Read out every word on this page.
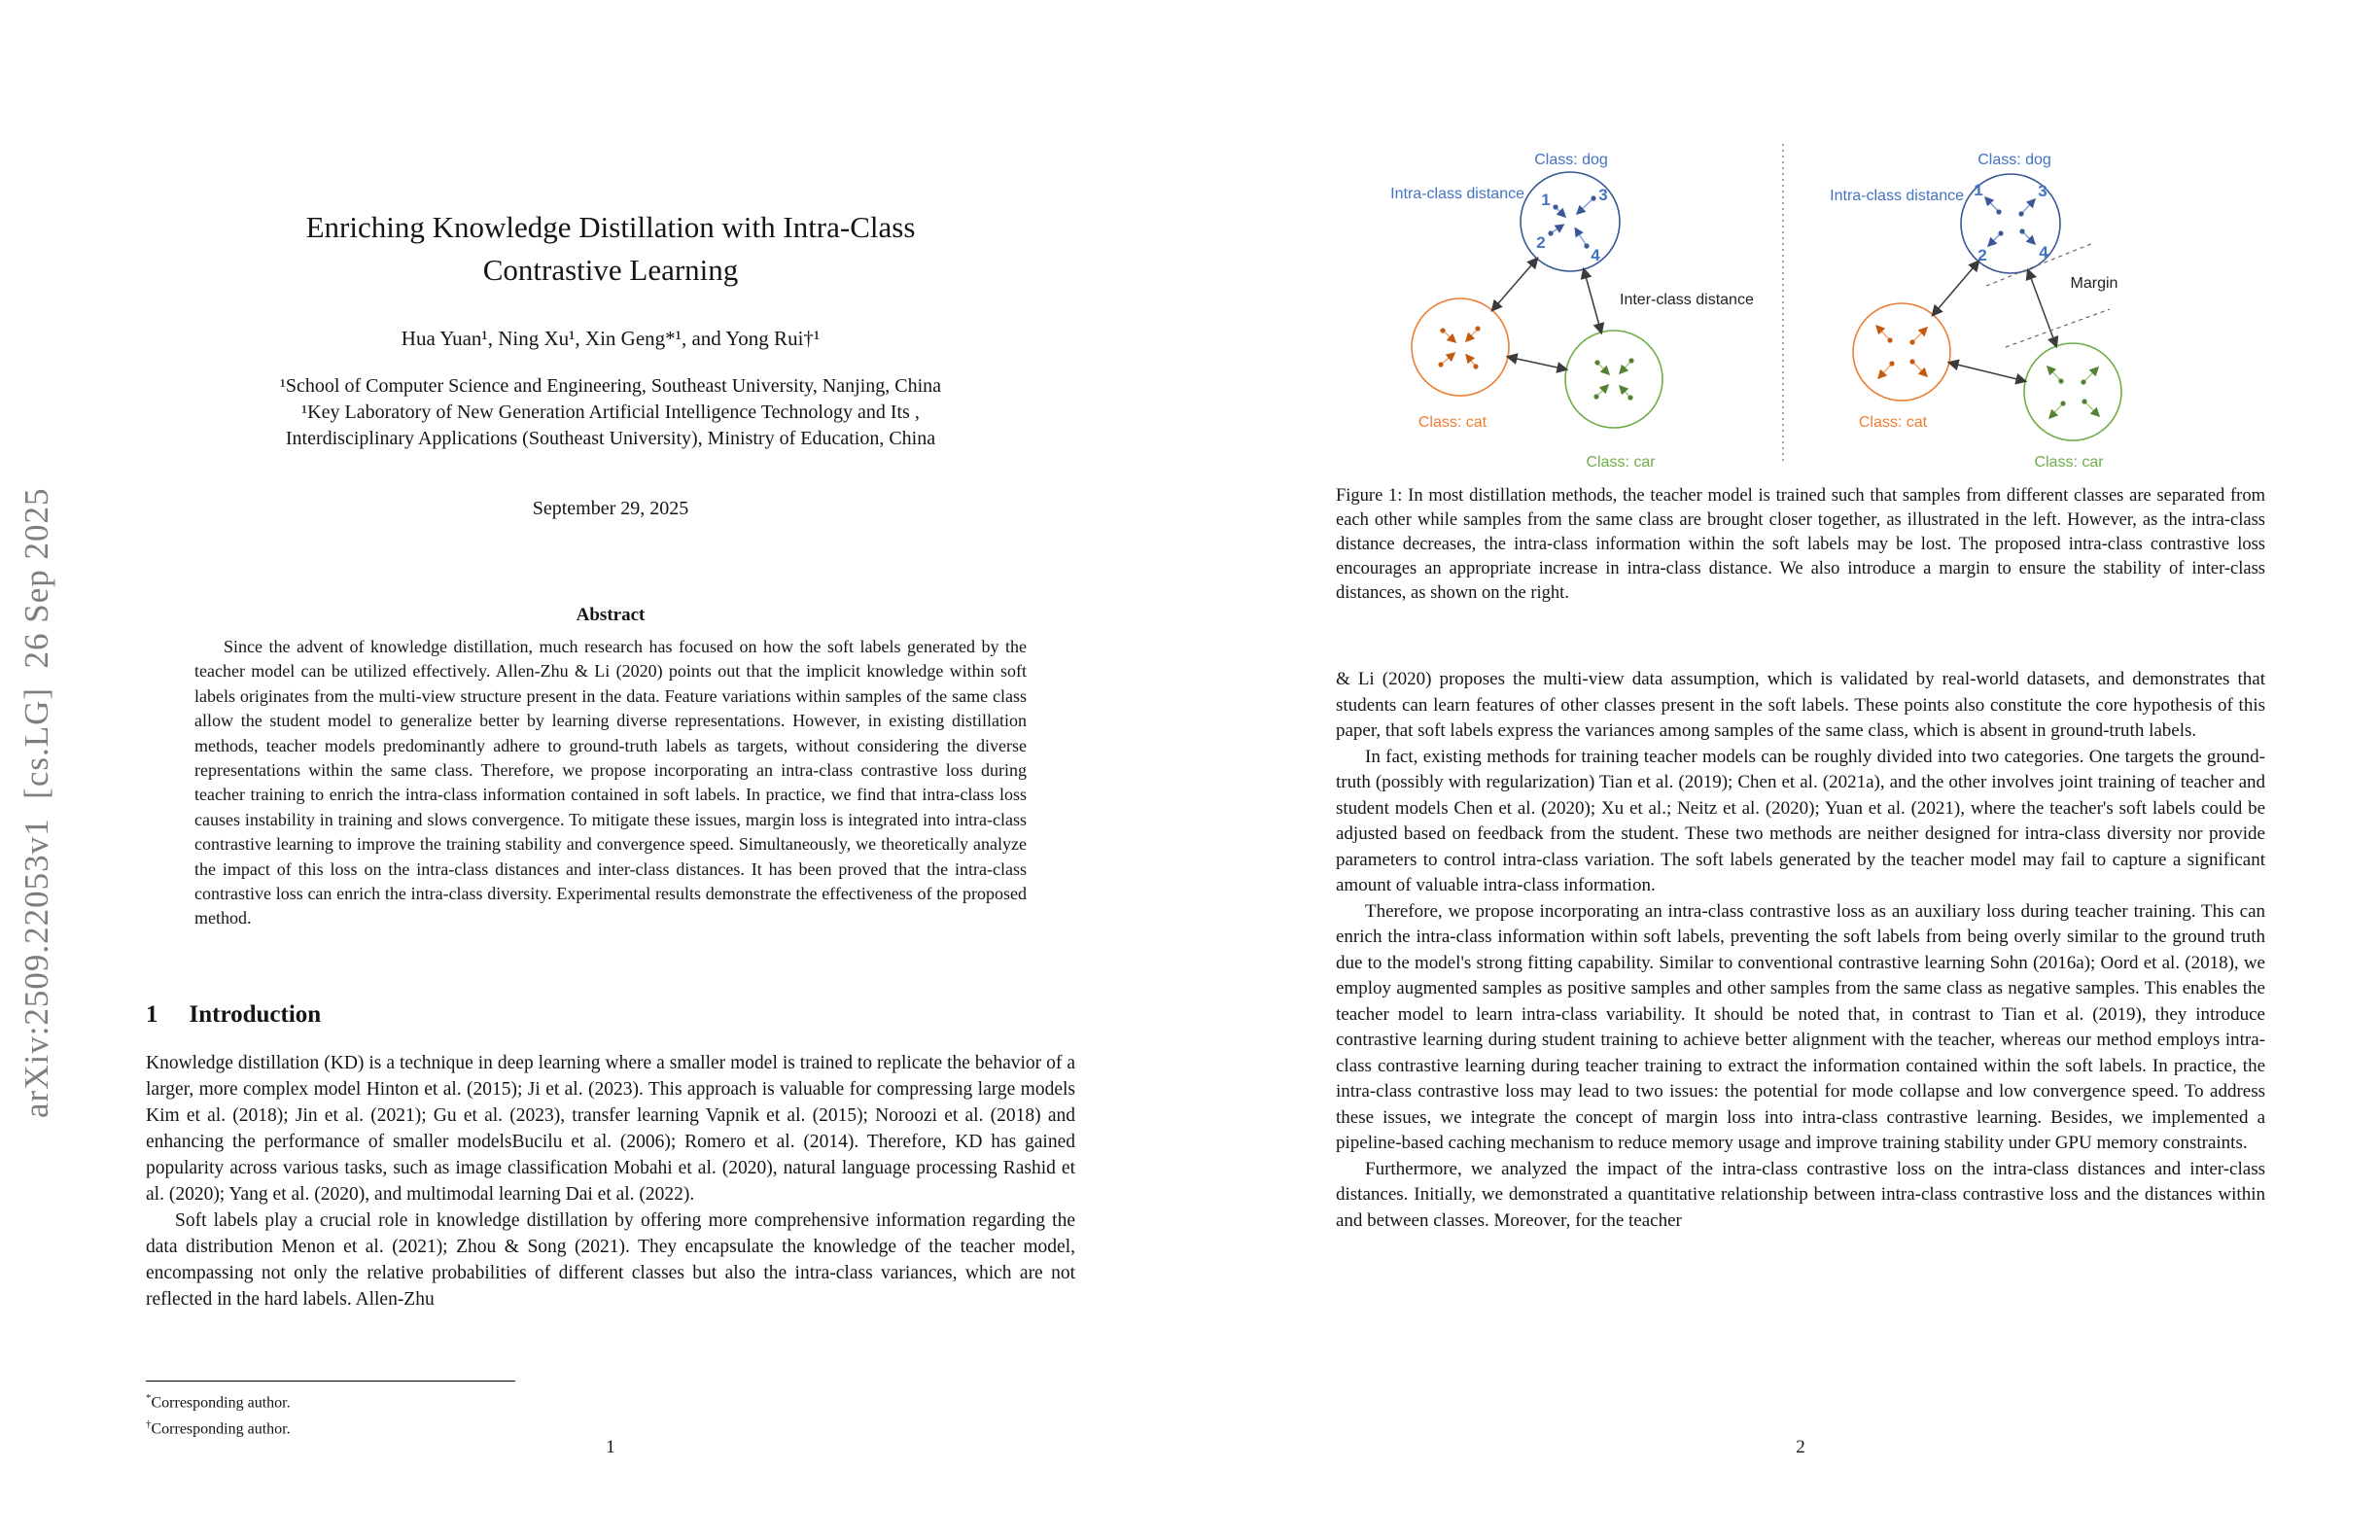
arXiv:2509.22053v1  [cs.LG]  26 Sep 2025
Enriching Knowledge Distillation with Intra-Class
Contrastive Learning
Hua Yuan¹, Ning Xu¹, Xin Geng*¹, and Yong Rui†¹
¹School of Computer Science and Engineering, Southeast University, Nanjing, China
¹Key Laboratory of New Generation Artificial Intelligence Technology and Its ,
Interdisciplinary Applications (Southeast University), Ministry of Education, China
September 29, 2025
Abstract

Since the advent of knowledge distillation, much research has focused on how the soft labels generated by the teacher model can be utilized effectively. Allen-Zhu & Li (2020) points out that the implicit knowledge within soft labels originates from the multi-view structure present in the data. Feature variations within samples of the same class allow the student model to generalize better by learning diverse representations. However, in existing distillation methods, teacher models predominantly adhere to ground-truth labels as targets, without considering the diverse representations within the same class. Therefore, we propose incorporating an intra-class contrastive loss during teacher training to enrich the intra-class information contained in soft labels. In practice, we find that intra-class loss causes instability in training and slows convergence. To mitigate these issues, margin loss is integrated into intra-class contrastive learning to improve the training stability and convergence speed. Simultaneously, we theoretically analyze the impact of this loss on the intra-class distances and inter-class distances. It has been proved that the intra-class contrastive loss can enrich the intra-class diversity. Experimental results demonstrate the effectiveness of the proposed method.

1 Introduction

Knowledge distillation (KD) is a technique in deep learning where a smaller model is trained to replicate the behavior of a larger, more complex model Hinton et al. (2015); Ji et al. (2023). This approach is valuable for compressing large models Kim et al. (2018); Jin et al. (2021); Gu et al. (2023), transfer learning Vapnik et al. (2015); Noroozi et al. (2018) and enhancing the performance of smaller modelsBucilu et al. (2006); Romero et al. (2014). Therefore, KD has gained popularity across various tasks, such as image classification Mobahi et al. (2020), natural language processing Rashid et al. (2020); Yang et al. (2020), and multimodal learning Dai et al. (2022).

Soft labels play a crucial role in knowledge distillation by offering more comprehensive information regarding the data distribution Menon et al. (2021); Zhou & Song (2021). They encapsulate the knowledge of the teacher model, encompassing not only the relative probabilities of different classes but also the intra-class variances, which are not reflected in the hard labels. Allen-Zhu

*Corresponding author.
†Corresponding author.
1
Class: dog
Intra-class distance 1	3
2
4
Class: cat
Class: car
Inter-class distance
Class: dog
Intra-class distance 1	3
2	4
Class: cat
Class: car
Margin

Figure 1: In most distillation methods, the teacher model is trained such that samples from different classes are separated from each other while samples from the same class are brought closer together, as illustrated in the left. However, as the intra-class distance decreases, the intra-class information within the soft labels may be lost. The proposed intra-class contrastive loss encourages an appropriate increase in intra-class distance. We also introduce a margin to ensure the stability of inter-class distances, as shown on the right.

& Li (2020) proposes the multi-view data assumption, which is validated by real-world datasets, and demonstrates that students can learn features of other classes present in the soft labels. These points also constitute the core hypothesis of this paper, that soft labels express the variances among samples of the same class, which is absent in ground-truth labels.

In fact, existing methods for training teacher models can be roughly divided into two categories. One targets the ground-truth (possibly with regularization) Tian et al. (2019); Chen et al. (2021a), and the other involves joint training of teacher and student models Chen et al. (2020); Xu et al.; Neitz et al. (2020); Yuan et al. (2021), where the teacher's soft labels could be adjusted based on feedback from the student. These two methods are neither designed for intra-class diversity nor provide parameters to control intra-class variation. The soft labels generated by the teacher model may fail to capture a significant amount of valuable intra-class information.

Therefore, we propose incorporating an intra-class contrastive loss as an auxiliary loss during teacher training. This can enrich the intra-class information within soft labels, preventing the soft labels from being overly similar to the ground truth due to the model's strong fitting capability. Similar to conventional contrastive learning Sohn (2016a); Oord et al. (2018), we employ augmented samples as positive samples and other samples from the same class as negative samples. This enables the teacher model to learn intra-class variability. It should be noted that, in contrast to Tian et al. (2019), they introduce contrastive learning during student training to achieve better alignment with the teacher, whereas our method employs intra-class contrastive learning during teacher training to extract the information contained within the soft labels. In practice, the intra-class contrastive loss may lead to two issues: the potential for mode collapse and low convergence speed. To address these issues, we integrate the concept of margin loss into intra-class contrastive learning. Besides, we implemented a pipeline-based caching mechanism to reduce memory usage and improve training stability under GPU memory constraints.

Furthermore, we analyzed the impact of the intra-class contrastive loss on the intra-class distances and inter-class distances. Initially, we demonstrated a quantitative relationship between intra-class contrastive loss and the distances within and between classes. Moreover, for the teacher

2
